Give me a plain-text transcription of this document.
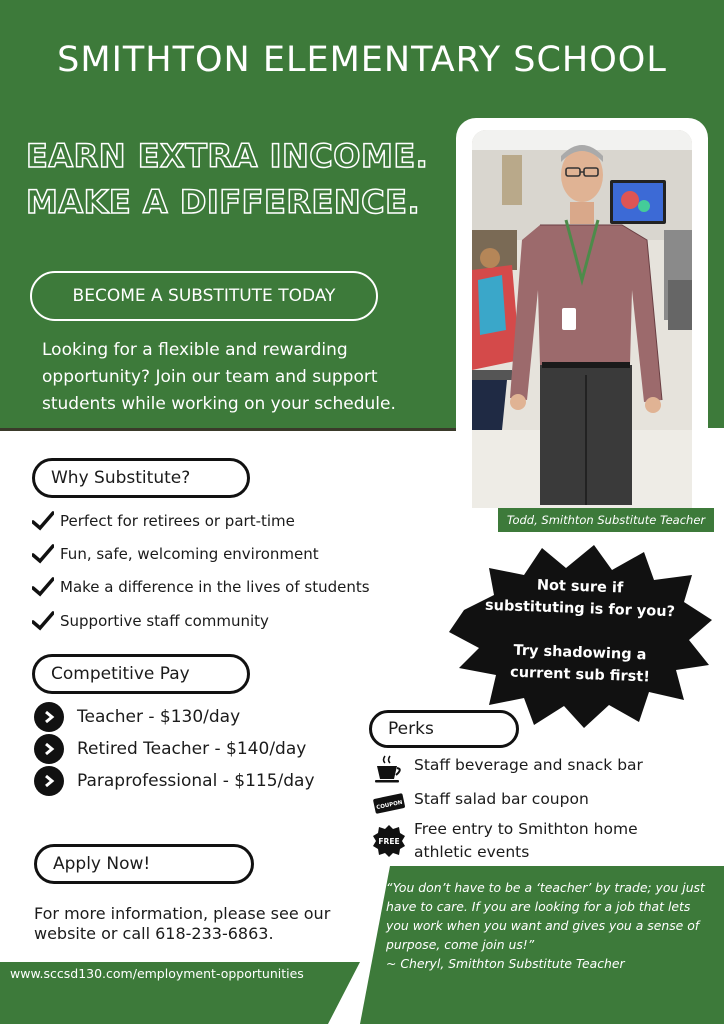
SMITHTON ELEMENTARY SCHOOL
EARN EXTRA INCOME.
MAKE A DIFFERENCE.
BECOME A SUBSTITUTE TODAY
Looking for a flexible and rewarding opportunity? Join our team and support students while working on your schedule.
Todd, Smithton Substitute Teacher
Why Substitute?
Perfect for retirees or part-time
Fun, safe, welcoming environment
Make a difference in the lives of students
Supportive staff community
Competitive Pay
Teacher - $130/day
Retired Teacher - $140/day
Paraprofessional - $115/day
Not sure if
substituting is for you?
Try shadowing a
current sub first!
Perks
Staff beverage and snack bar
COUPON Staff salad bar coupon
FREE
Free entry to Smithton home athletic events
Apply Now!
For more information, please see our website or call 618-233-6863.
www.sccsd130.com/employment-opportunities
“You don’t have to be a ‘teacher’ by trade; you just have to care. If you are looking for a job that lets you work when you want and gives you a sense of purpose, come join us!”
~ Cheryl, Smithton Substitute Teacher
